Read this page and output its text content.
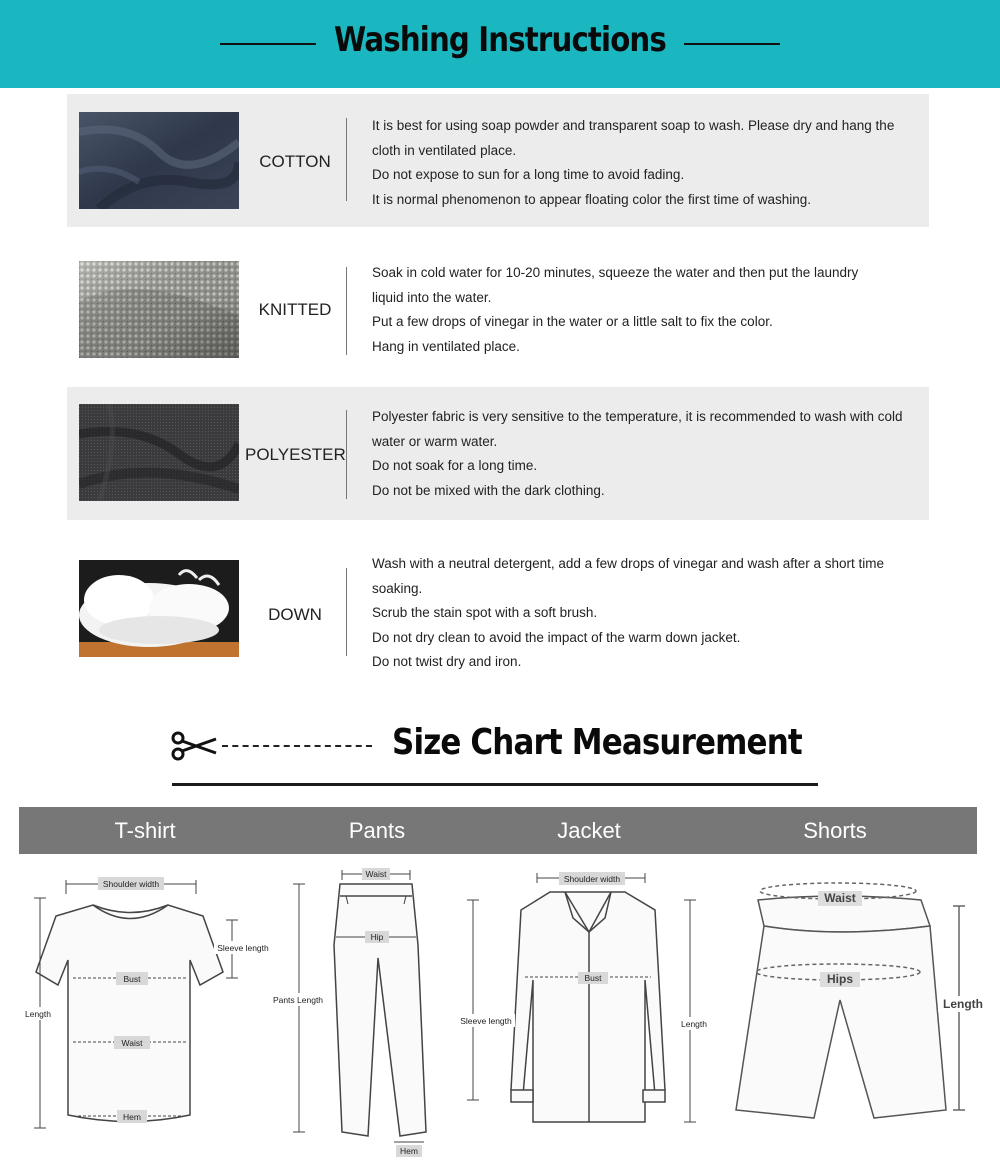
Washing Instructions
COTTON

It is best for using soap powder and transparent soap to wash. Please dry and hang the

cloth in ventilated place.

Do not expose to sun for a long time to avoid fading.

It is normal phenomenon to appear floating color the first time of washing.

KNITTED

Soak in cold water for 10-20 minutes, squeeze the water and then put the laundry

liquid into the water.

Put a few drops of vinegar in the water or a little salt to fix the color.

Hang in ventilated place.

POLYESTER

Polyester fabric is very sensitive to the temperature, it is recommended to wash with cold

water or warm water.

Do not soak for a long time.

Do not be mixed with the dark clothing.

DOWN

Wash with a neutral detergent, add a few drops of vinegar and wash after a short time

soaking.

Scrub the stain spot with a soft brush.

Do not dry clean to avoid the impact of the warm down jacket.

Do not twist dry and iron.

Size Chart Measurement
T-shirt	Pants	Jacket	Shorts
Shoulder width
Sleeve length
Bust
Length
Waist
Hem
Waist
Hip
Pants Length
Hem
Shoulder width
Bust
Sleeve length	Length
Waist
Hips
Length
